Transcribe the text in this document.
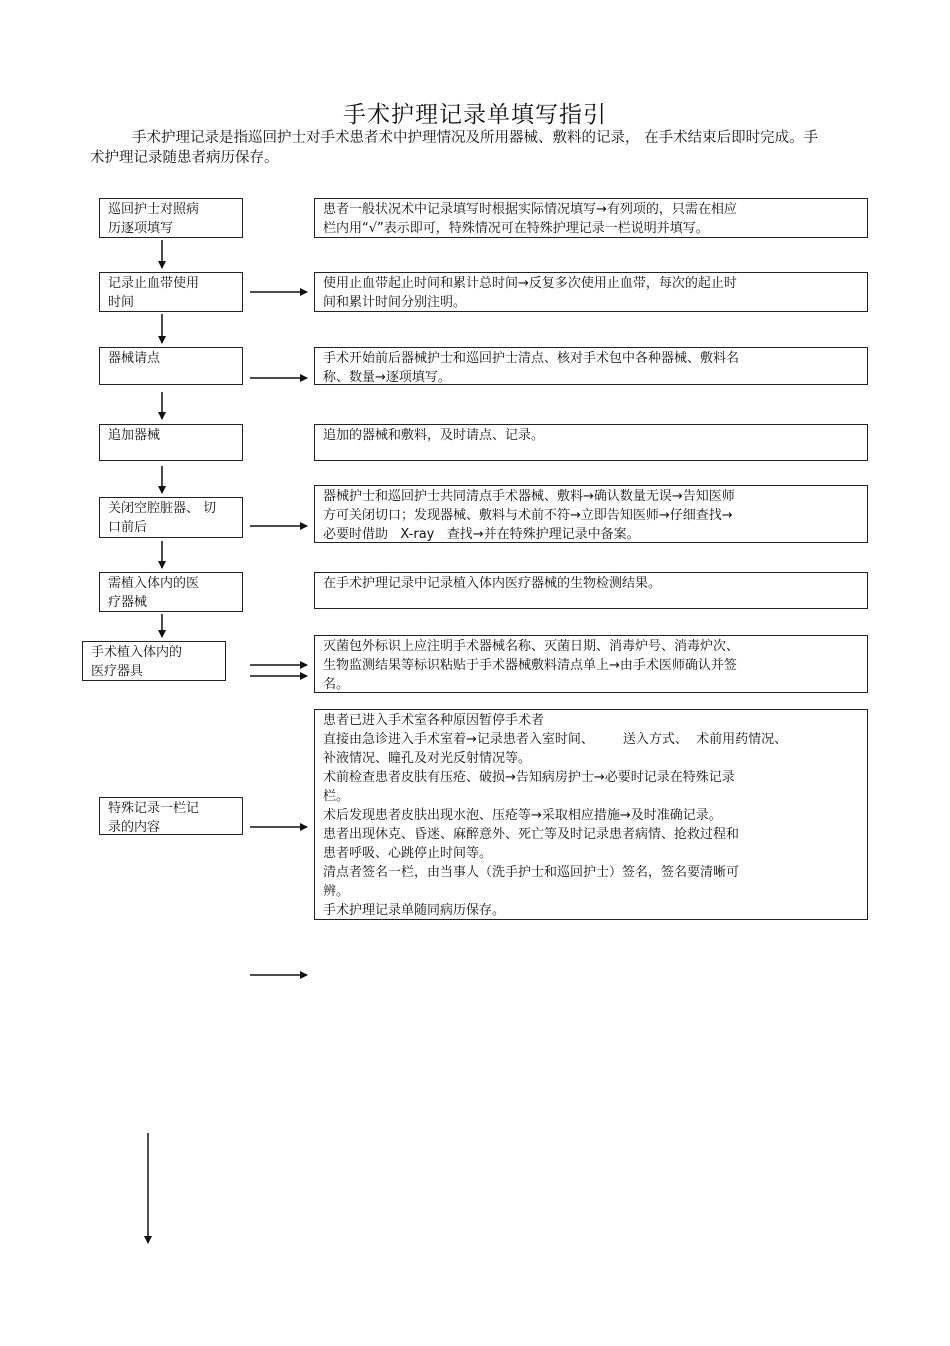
手术护理记录单填写指引
手术护理记录是指巡回护士对手术患者术中护理情况及所用器械、敷料的记录， 在手术结束后即时完成。手术护理记录随患者病历保存。
巡回护士对照病
历逐项填写
记录止血带使用
时间
器械请点
追加器械
关闭空腔脏器、 切
口前后
需植入体内的医
疗器械
手术植入体内的
医疗器具
特殊记录一栏记
录的内容
患者一般状况术中记录填写时根据实际情况填写→有列项的，只需在相应
栏内用“√”表示即可，特殊情况可在特殊护理记录一栏说明并填写。
使用止血带起止时间和累计总时间→反复多次使用止血带，每次的起止时
间和累计时间分别注明。
手术开始前后器械护士和巡回护士清点、核对手术包中各种器械、敷料名
称、数量→逐项填写。
追加的器械和敷料，及时请点、记录。
器械护士和巡回护士共同清点手术器械、敷料→确认数量无误→告知医师
方可关闭切口；发现器械、敷料与术前不符→立即告知医师→仔细查找→
必要时借助   X-ray   查找→并在特殊护理记录中备案。
在手术护理记录中记录植入体内医疗器械的生物检测结果。
灭菌包外标识上应注明手术器械名称、灭菌日期、消毒炉号、消毒炉次、
生物监测结果等标识粘贴于手术器械敷料清点单上→由手术医师确认并签
名。
患者已进入手术室各种原因暂停手术者
直接由急诊进入手术室着→记录患者入室时间、       送入方式、  术前用药情况、
补液情况、瞳孔及对光反射情况等。
术前检查患者皮肤有压疮、破损→告知病房护士→必要时记录在特殊记录
栏。
术后发现患者皮肤出现水泡、压疮等→采取相应措施→及时准确记录。
患者出现休克、昏迷、麻醉意外、死亡等及时记录患者病情、抢救过程和
患者呼吸、心跳停止时间等。
清点者签名一栏，由当事人（洗手护士和巡回护士）签名，签名要清晰可
辨。
手术护理记录单随同病历保存。
